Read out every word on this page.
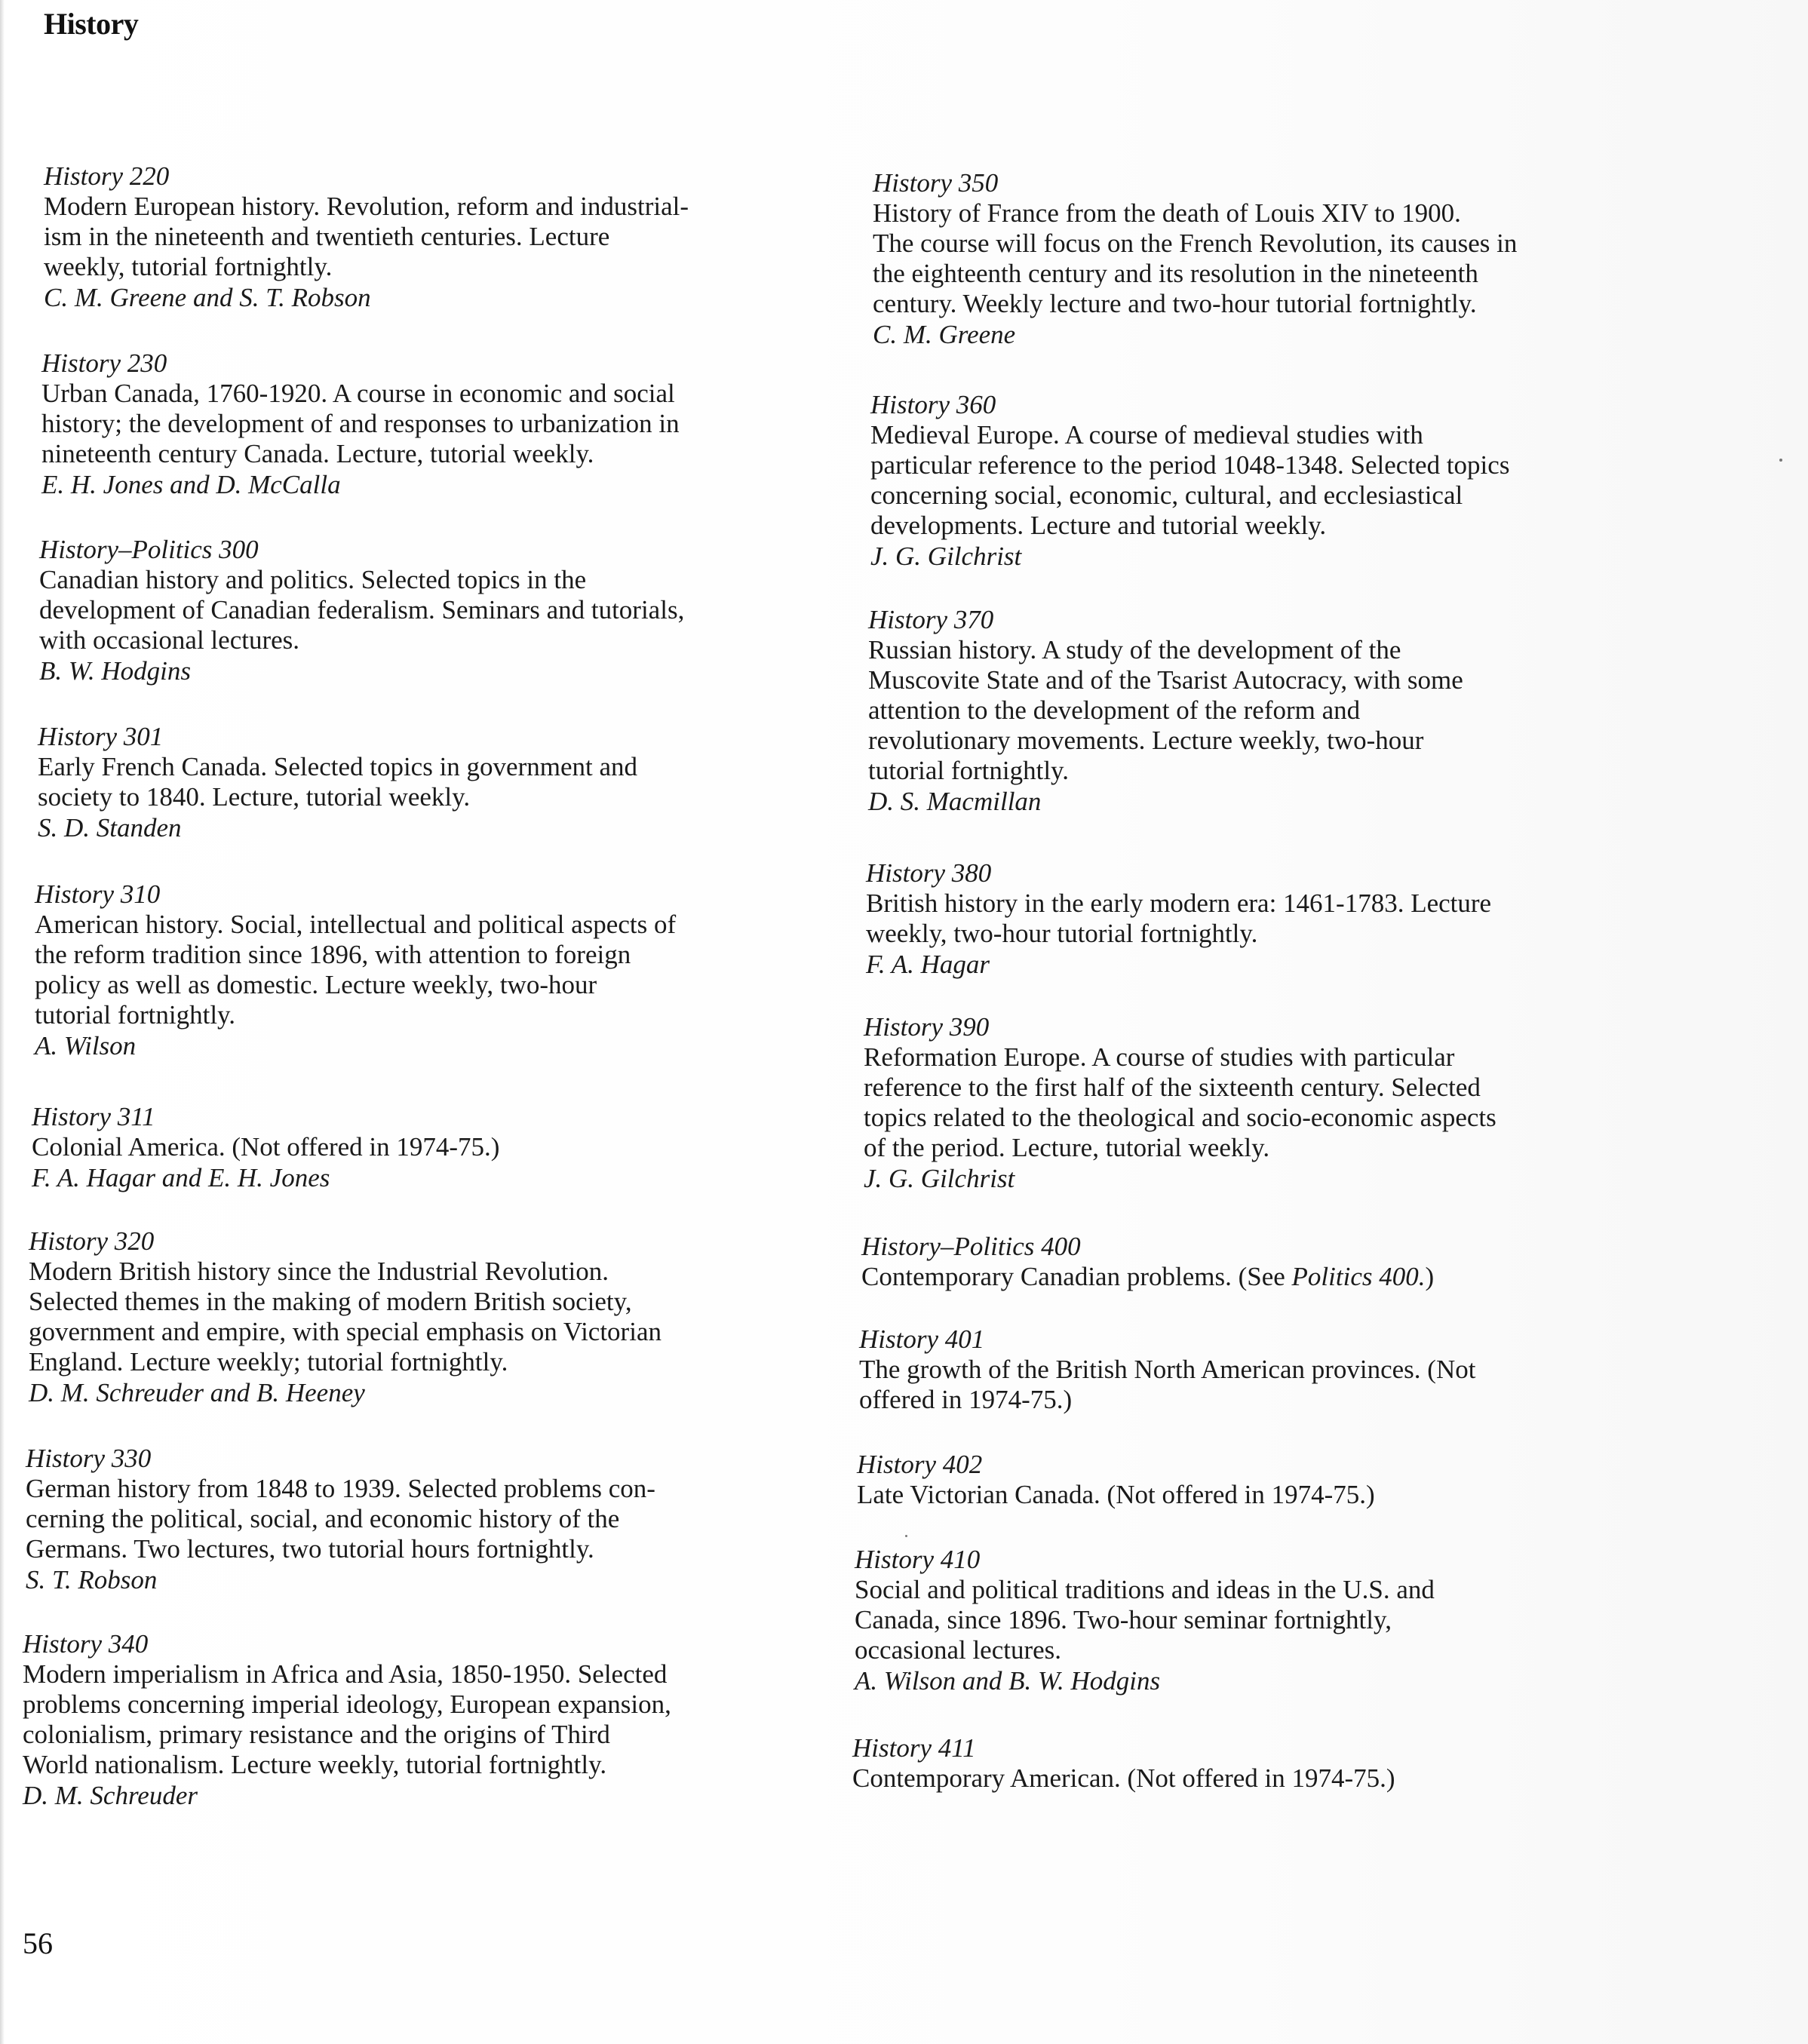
History

History 220

Modern European history. Revolution, reform and industrial-
ism in the nineteenth and twentieth centuries. Lecture
weekly, tutorial fortnightly.

C. M. Greene and S. T. Robson

History 230

Urban Canada, 1760-1920. A course in economic and social
history; the development of and responses to urbanization in
nineteenth century Canada. Lecture, tutorial weekly.

E. H. Jones and D. McCalla

History–Politics 300

Canadian history and politics. Selected topics in the
development of Canadian federalism. Seminars and tutorials,
with occasional lectures.

B. W. Hodgins

History 301

Early French Canada. Selected topics in government and
society to 1840. Lecture, tutorial weekly.

S. D. Standen

History 310

American history. Social, intellectual and political aspects of
the reform tradition since 1896, with attention to foreign
policy as well as domestic. Lecture weekly, two-hour
tutorial fortnightly.

A. Wilson

History 311

Colonial America. (Not offered in 1974-75.)

F. A. Hagar and E. H. Jones

History 320

Modern British history since the Industrial Revolution.
Selected themes in the making of modern British society,
government and empire, with special emphasis on Victorian
England. Lecture weekly; tutorial fortnightly.

D. M. Schreuder and B. Heeney

History 330

German history from 1848 to 1939. Selected problems con-
cerning the political, social, and economic history of the
Germans. Two lectures, two tutorial hours fortnightly.

S. T. Robson

History 340

Modern imperialism in Africa and Asia, 1850-1950. Selected
problems concerning imperial ideology, European expansion,
colonialism, primary resistance and the origins of Third
World nationalism. Lecture weekly, tutorial fortnightly.

D. M. Schreuder

History 350

History of France from the death of Louis XIV to 1900.
The course will focus on the French Revolution, its causes in
the eighteenth century and its resolution in the nineteenth
century. Weekly lecture and two-hour tutorial fortnightly.

C. M. Greene

History 360

Medieval Europe. A course of medieval studies with
particular reference to the period 1048-1348. Selected topics
concerning social, economic, cultural, and ecclesiastical
developments. Lecture and tutorial weekly.

J. G. Gilchrist

History 370

Russian history. A study of the development of the
Muscovite State and of the Tsarist Autocracy, with some
attention to the development of the reform and
revolutionary movements. Lecture weekly, two-hour
tutorial fortnightly.

D. S. Macmillan

History 380

British history in the early modern era: 1461-1783. Lecture
weekly, two-hour tutorial fortnightly.

F. A. Hagar

History 390

Reformation Europe. A course of studies with particular
reference to the first half of the sixteenth century. Selected
topics related to the theological and socio-economic aspects
of the period. Lecture, tutorial weekly.

J. G. Gilchrist

History–Politics 400

Contemporary Canadian problems. (See Politics 400.)

History 401

The growth of the British North American provinces. (Not
offered in 1974-75.)

History 402

Late Victorian Canada. (Not offered in 1974-75.)

History 410

Social and political traditions and ideas in the U.S. and
Canada, since 1896. Two-hour seminar fortnightly,
occasional lectures.

A. Wilson and B. W. Hodgins

History 411

Contemporary American. (Not offered in 1974-75.)

56
